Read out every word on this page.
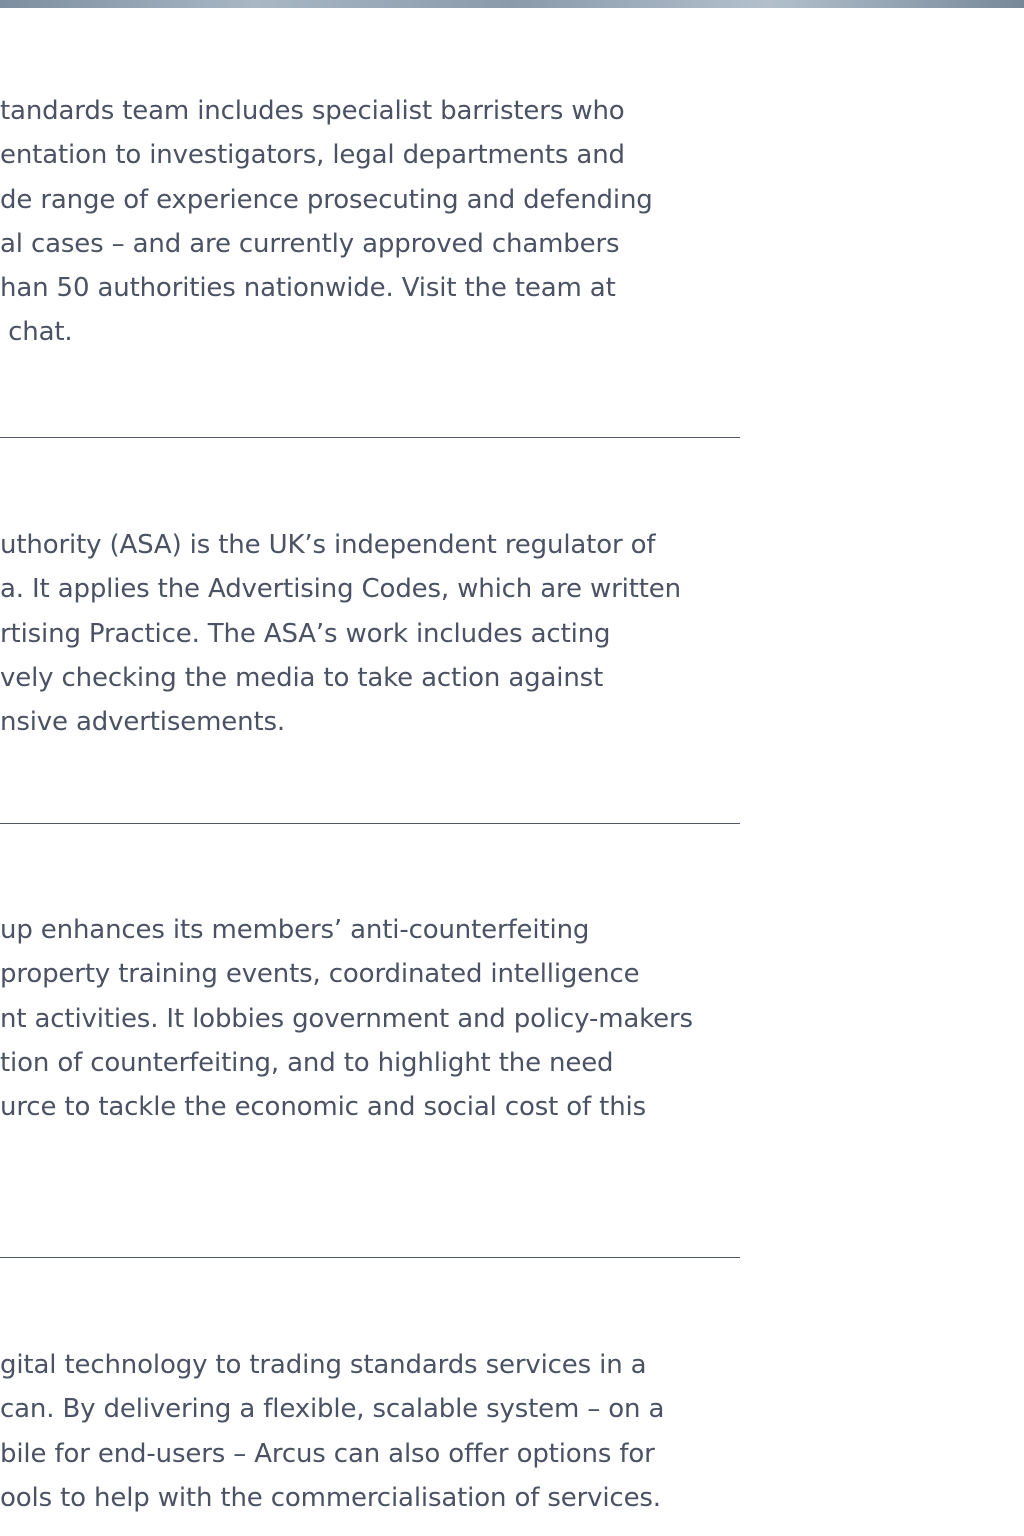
tandards team includes specialist barristers who

entation to investigators, legal departments and

de range of experience prosecuting and defending

al cases – and are currently approved chambers

han 50 authorities nationwide. Visit the team at

chat.

uthority (ASA) is the UK’s independent regulator of

a. It applies the Advertising Codes, which are written

rtising Practice. The ASA’s work includes acting

vely checking the media to take action against

nsive advertisements.

up enhances its members’ anti-counterfeiting

property training events, coordinated intelligence

nt activities. It lobbies government and policy-makers

tion of counterfeiting, and to highlight the need

urce to tackle the economic and social cost of this

gital technology to trading standards services in a

can. By delivering a flexible, scalable system – on a

bile for end-users – Arcus can also offer options for

ools to help with the commercialisation of services.
